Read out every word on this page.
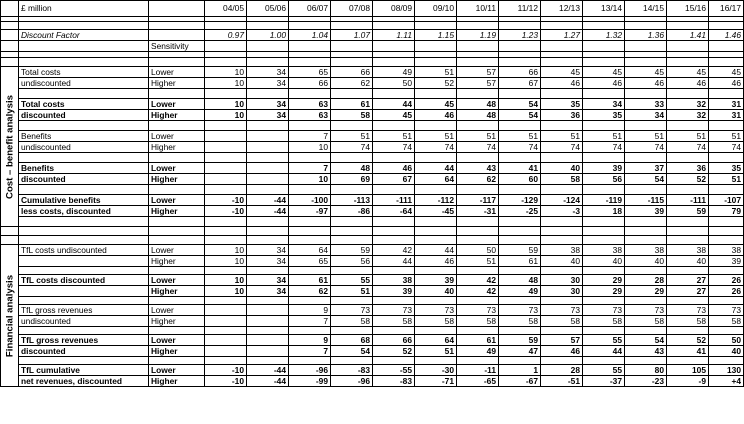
	£ million		04/05	05/06	06/07	07/08	08/09	09/10	10/11	11/12	12/13	13/14	14/15	15/16	16/17	

	Discount Factor		0.97	1.00	1.04	1.07	1.11	1.15	1.19	1.23	1.27	1.32	1.36	1.41	1.46	
		Sensitivity														

Cost – benefit analysis	Total costs	Lower	10	34	65	66	49	51	57	66	45	45	45	45	45	
	undiscounted	Higher	10	34	66	62	50	52	57	67	46	46	46	46	46	

	Total costs	Lower	10	34	63	61	44	45	48	54	35	34	33	32	31	
	discounted	Higher	10	34	63	58	45	46	48	54	36	35	34	32	31	

	Benefits	Lower			7	51	51	51	51	51	51	51	51	51	51	
	undiscounted	Higher			10	74	74	74	74	74	74	74	74	74	74	

	Benefits	Lower			7	48	46	44	43	41	40	39	37	36	35	
	discounted	Higher			10	69	67	64	62	60	58	56	54	52	51	

	Cumulative benefits	Lower	-10	-44	-100	-113	-111	-112	-117	-129	-124	-119	-115	-111	-107	
	less costs, discounted	Higher	-10	-44	-97	-86	-64	-45	-31	-25	-3	18	39	59	79	

Financial analysis	TfL costs undiscounted	Lower	10	34	64	59	42	44	50	59	38	38	38	38	38	
		Higher	10	34	65	56	44	46	51	61	40	40	40	40	39	

	TfL costs discounted	Lower	10	34	61	55	38	39	42	48	30	29	28	27	26	
		Higher	10	34	62	51	39	40	42	49	30	29	29	27	26	

	TfL gross revenues	Lower			9	73	73	73	73	73	73	73	73	73	73	
	undiscounted	Higher			7	58	58	58	58	58	58	58	58	58	58	

	TfL gross revenues	Lower			9	68	66	64	61	59	57	55	54	52	50	
	discounted	Higher			7	54	52	51	49	47	46	44	43	41	40	

	TfL cumulative	Lower	-10	-44	-96	-83	-55	-30	-11	1	28	55	80	105	130	
	net revenues, discounted	Higher	-10	-44	-99	-96	-83	-71	-65	-67	-51	-37	-23	-9	+4	
